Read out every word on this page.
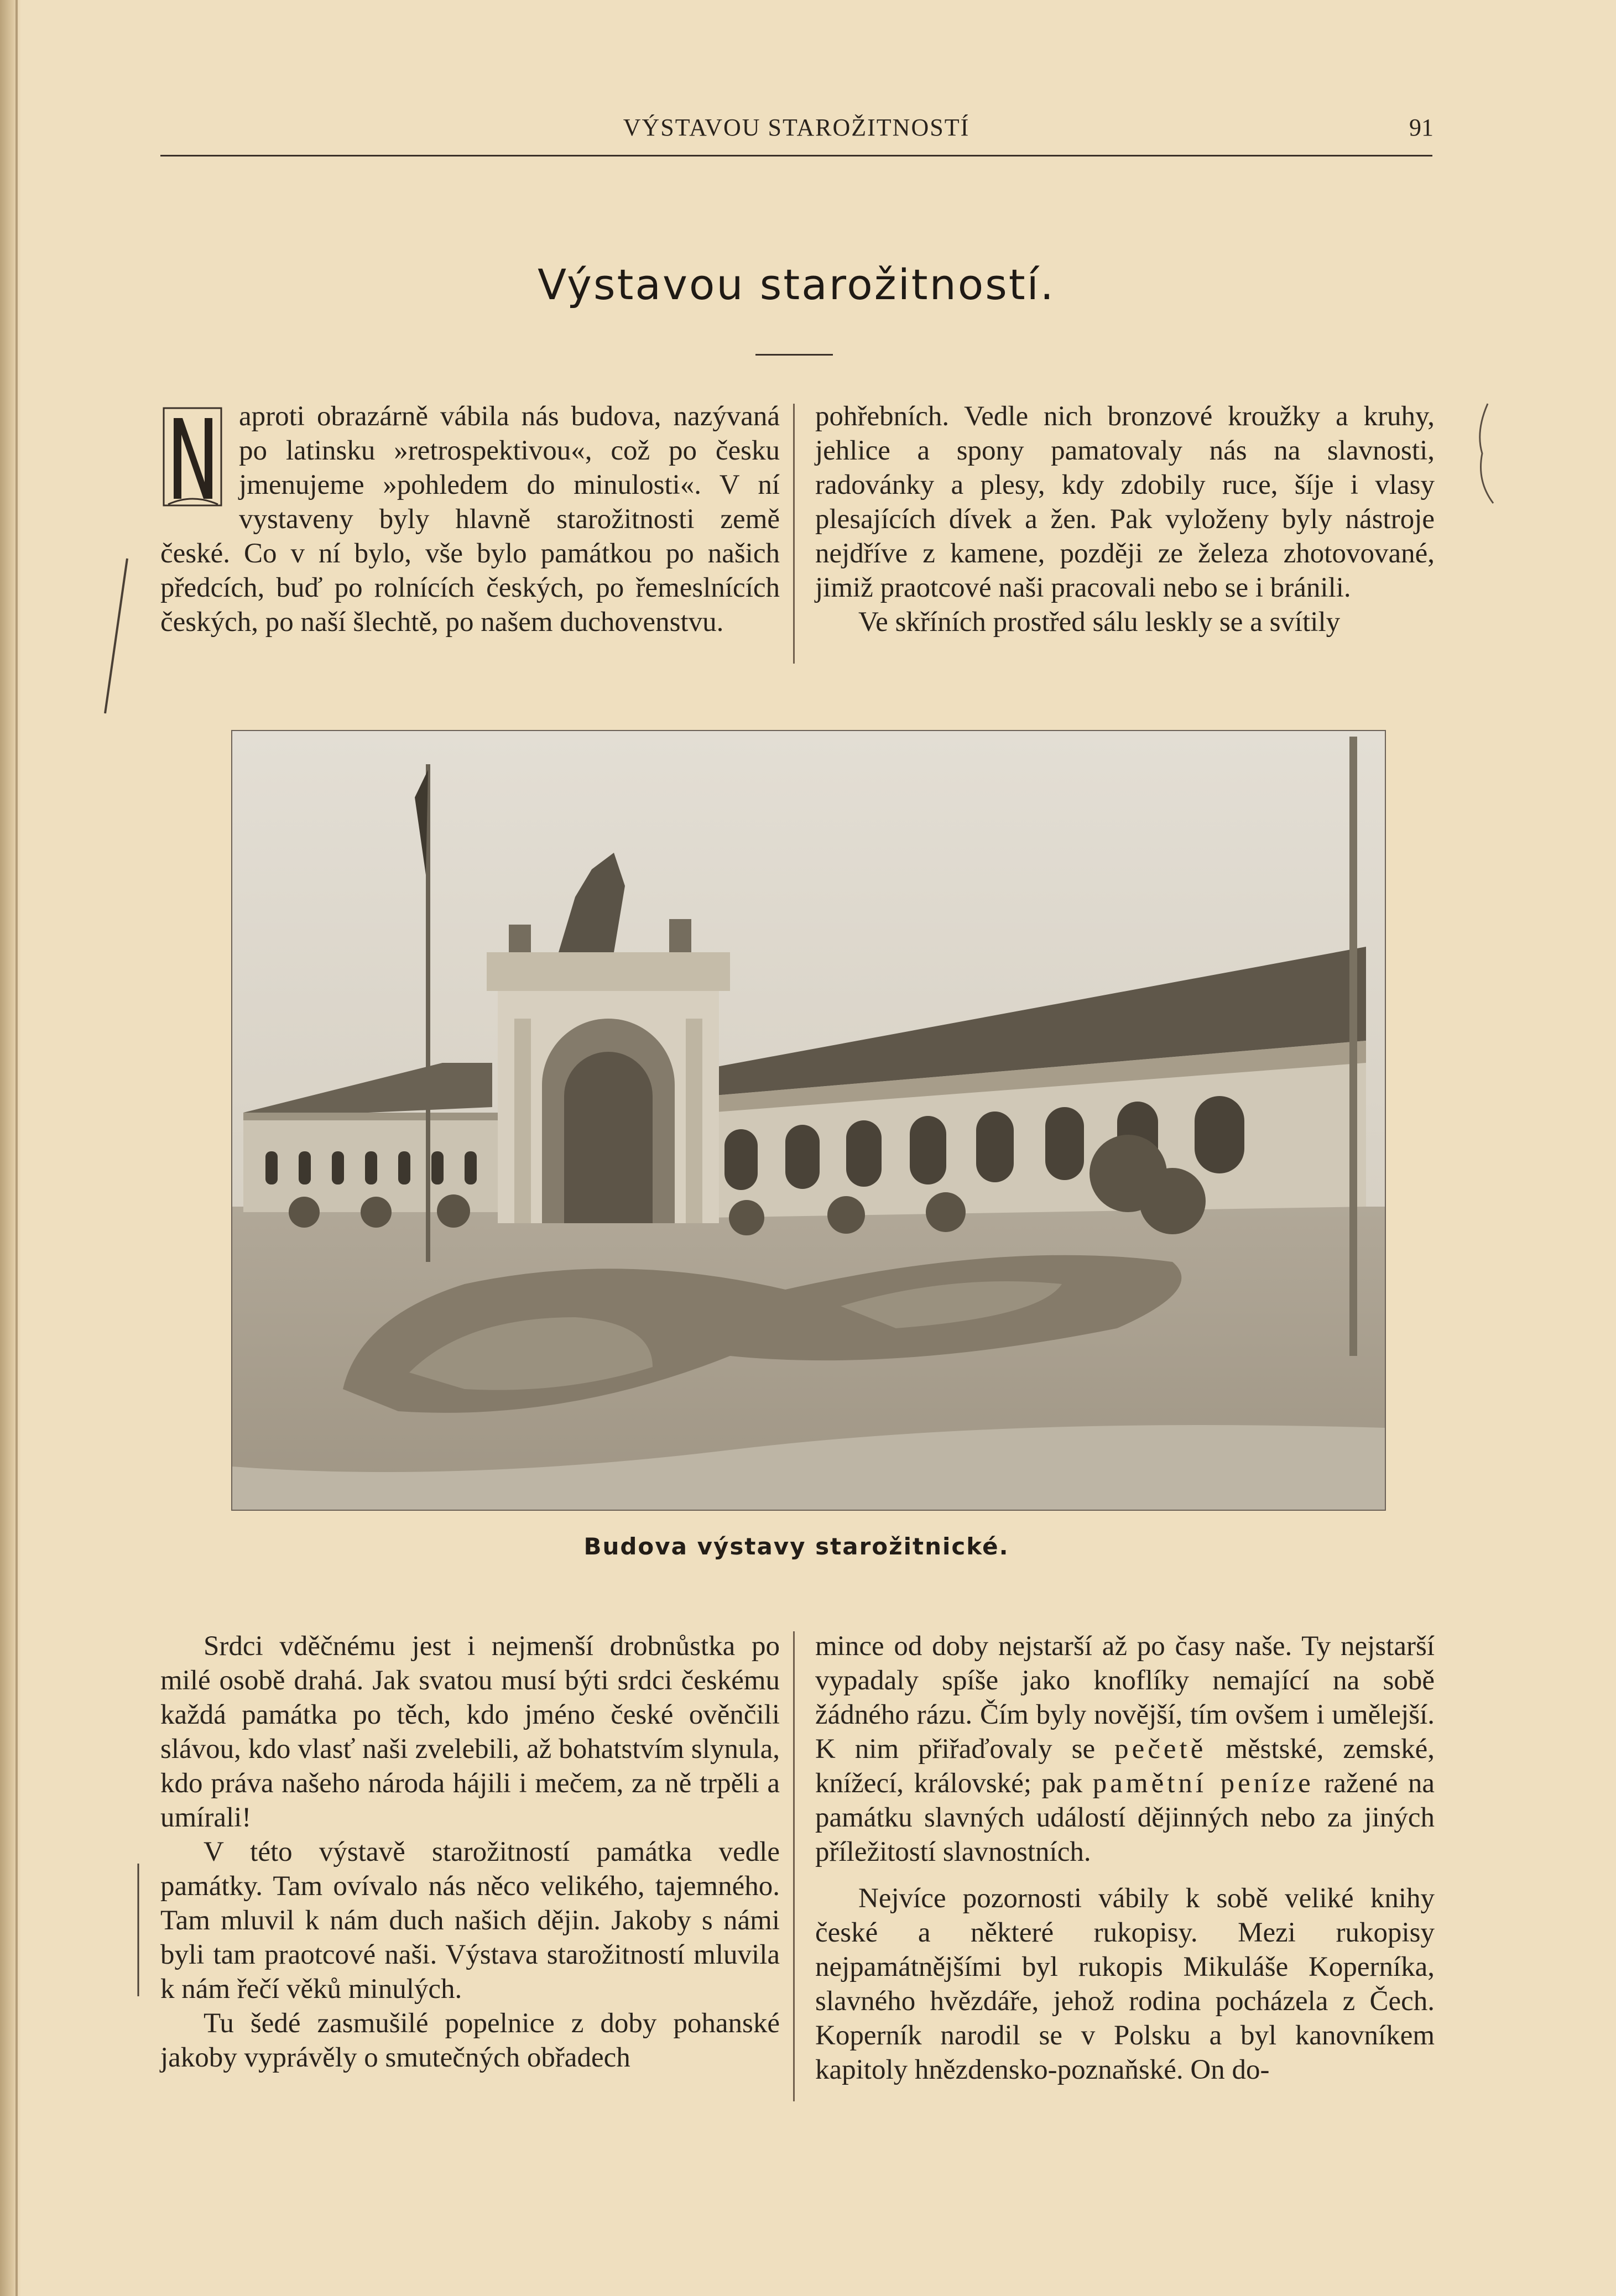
VÝSTAVOU STAROŽITNOSTÍ	91
Výstavou starožitností.

aproti obrazárně vábila nás budova, nazývaná po latinsku »retrospektivou«, což po česku jmenujeme »pohledem do minulosti«. V ní vystaveny byly hlavně starožitnosti země české. Co v ní bylo, vše bylo památkou po našich předcích, buď po rolnících českých, po řemeslnících českých, po naší šlechtě, po našem duchovenstvu.

pohřebních. Vedle nich bronzové kroužky a kruhy, jehlice a spony pamatovaly nás na slavnosti, radovánky a plesy, kdy zdobily ruce, šíje i vlasy plesajících dívek a žen. Pak vyloženy byly nástroje nejdříve z kamene, později ze železa zhotovované, jimiž praotcové naši pracovali nebo se i bránili.

Ve skříních prostřed sálu leskly se a svítily

Budova výstavy starožitnické.

Srdci vděčnému jest i nejmenší drobnůstka po milé osobě drahá. Jak svatou musí býti srdci českému každá památka po těch, kdo jméno české ověnčili slávou, kdo vlasť naši zvelebili, až bohatstvím slynula, kdo práva našeho národa hájili i mečem, za ně trpěli a umírali!

V této výstavě starožitností památka vedle památky. Tam ovívalo nás něco velikého, tajemného. Tam mluvil k nám duch našich dějin. Jakoby s námi byli tam praotcové naši. Výstava starožitností mluvila k nám řečí věků minulých.

Tu šedé zasmušilé popelnice z doby pohanské jakoby vyprávěly o smutečných obřadech

mince od doby nejstarší až po časy naše. Ty nejstarší vypadaly spíše jako knoflíky nemající na sobě žádného rázu. Čím byly novější, tím ovšem i umělejší. K nim přiřaďovaly se pečetě městské, zemské, knížecí, královské; pak pamětní peníze ražené na památku slavných událostí dějinných nebo za jiných příležitostí slavnostních.

Nejvíce pozornosti vábily k sobě veliké knihy české a některé rukopisy. Mezi rukopisy nejpamátnějšími byl rukopis Mikuláše Koperníka, slavného hvězdáře, jehož rodina pocházela z Čech. Koperník narodil se v Polsku a byl kanovníkem kapitoly hnězdensko-poznaňské. On do-
